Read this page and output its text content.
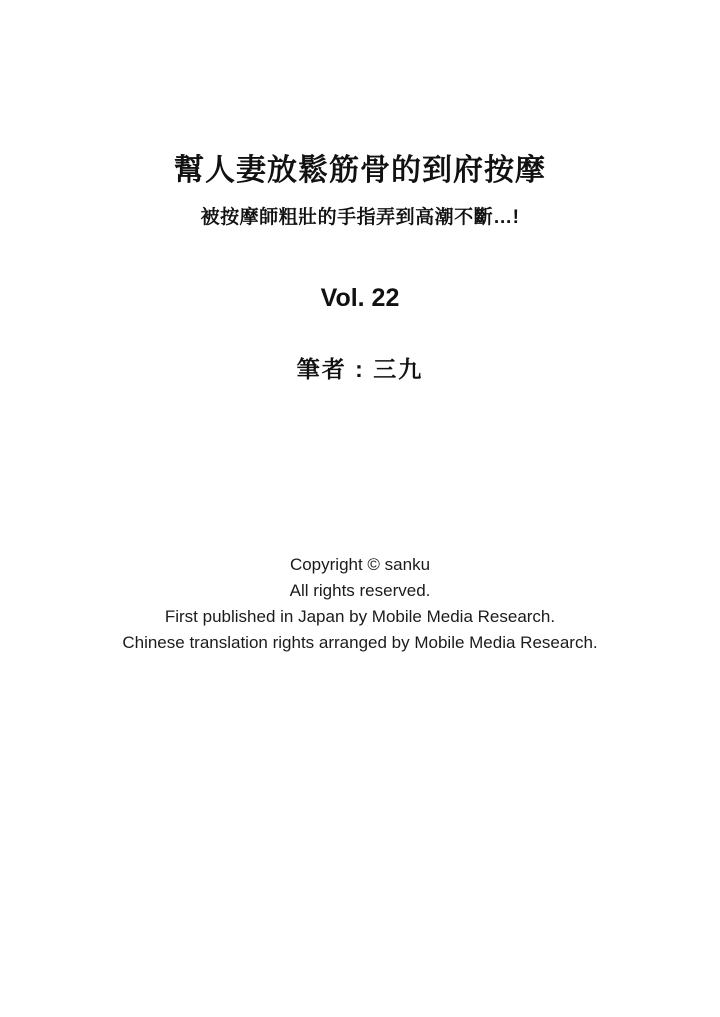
幫人妻放鬆筋骨的到府按摩
被按摩師粗壯的手指弄到高潮不斷…!
Vol. 22
筆者 : 三九
Copyright © sanku
All rights reserved.
First published in Japan by Mobile Media Research.
Chinese translation rights arranged by Mobile Media Research.
